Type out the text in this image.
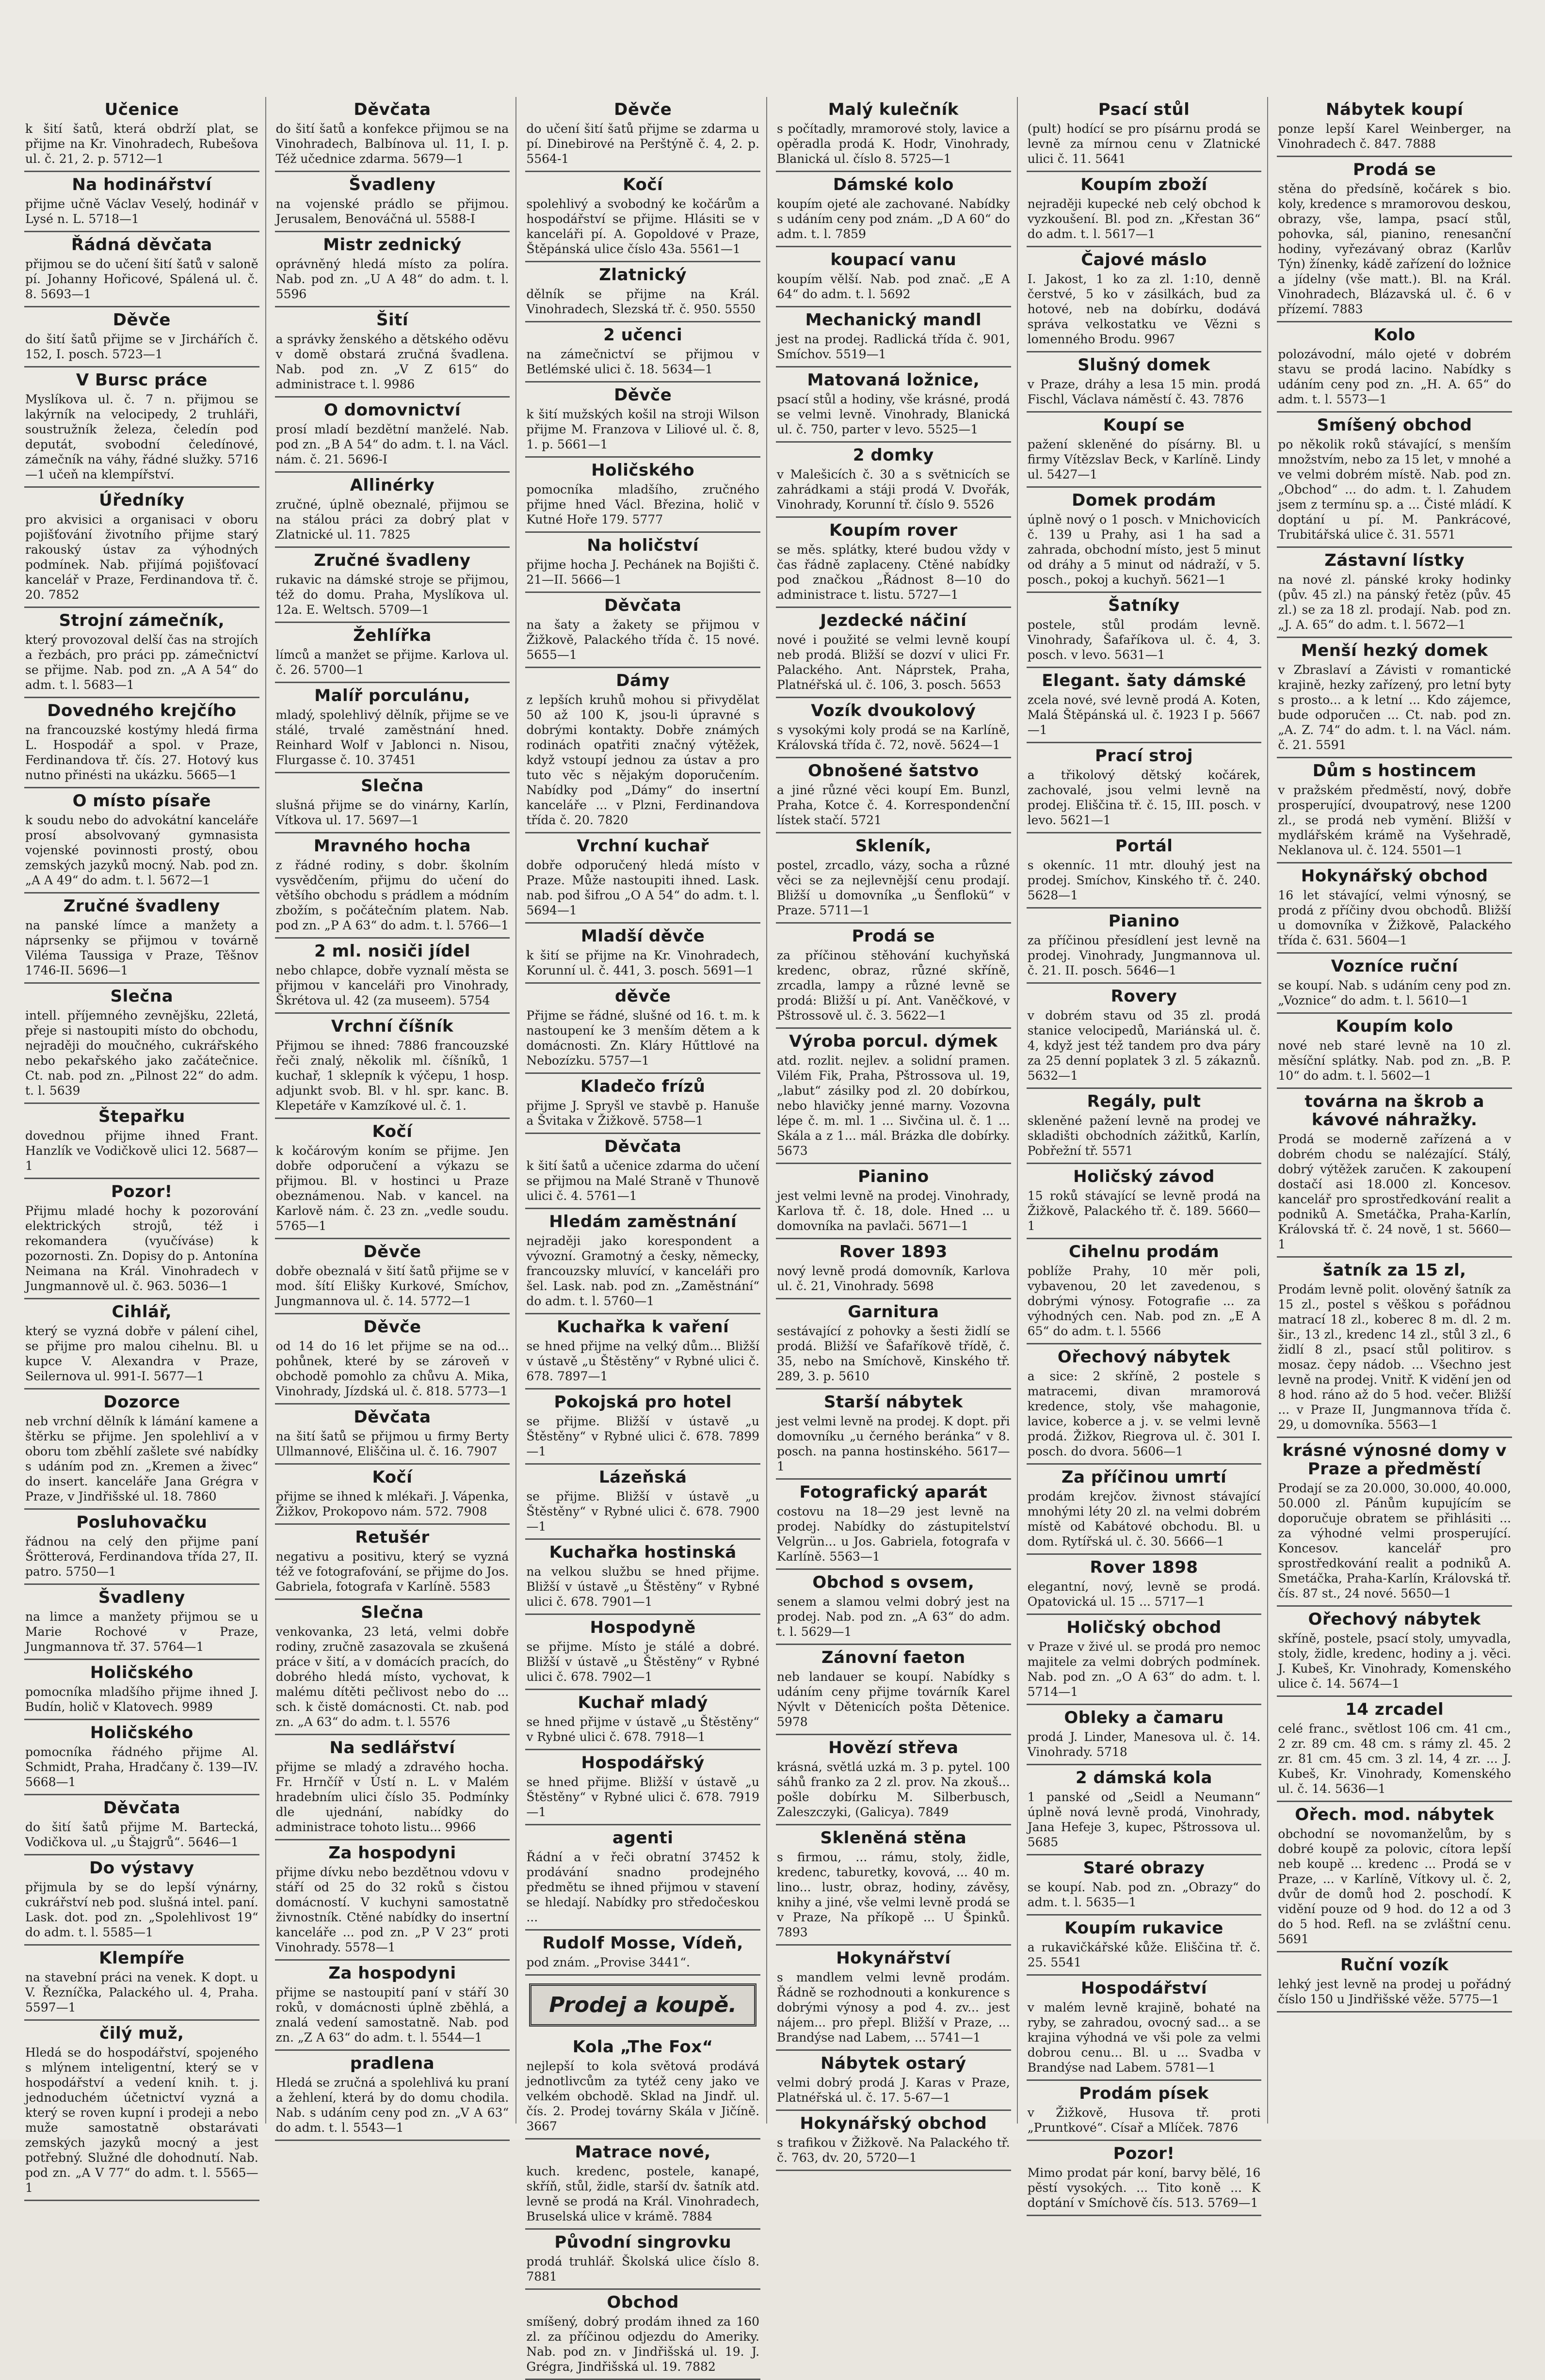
Učenice

k šití šatů, která obdrží plat, se přijme na Kr. Vinohradech, Rubešova ul. č. 21, 2. p. 5712—1

Na hodinářství

přijme učně Václav Veselý, hodinář v Lysé n. L. 5718—1

Řádná děvčata

přijmou se do učení šití šatů v saloně pí. Johanny Hořicové, Spálená ul. č. 8. 5693—1

Děvče

do šití šatů přijme se v Jirchářích č. 152, I. posch. 5723—1

V Bursc práce

Myslíkova ul. č. 7 n. přijmou se lakýrník na velocipedy, 2 truhláři, soustružník železa, čeledín pod deputát, svobodní čeledínové, zámečník na váhy, řádné služky. 5716—1 učeň na klempířství.

Úředníky

pro akvisici a organisaci v oboru pojišťování životního přijme starý rakouský ústav za výhodných podmínek. Nab. přijímá pojišťovací kancelář v Praze, Ferdinandova tř. č. 20. 7852

Strojní zámečník,

který provozoval delší čas na strojích a řezbách, pro práci pp. zámečnictví se přijme. Nab. pod zn. „A A 54“ do adm. t. l. 5683—1

Dovedného krejčího

na francouzské kostýmy hledá firma L. Hospodář a spol. v Praze, Ferdinandova tř. čís. 27. Hotový kus nutno přinésti na ukázku. 5665—1

O místo písaře

k soudu nebo do advokátní kanceláře prosí absolvovaný gymnasista vojenské povinnosti prostý, obou zemských jazyků mocný. Nab. pod zn. „A A 49“ do adm. t. l. 5672—1

Zručné švadleny

na panské límce a manžety a náprsenky se přijmou v továrně Viléma Taussiga v Praze, Těšnov 1746-II. 5696—1

Slečna

intell. příjemného zevnějšku, 22letá, přeje si nastoupiti místo do obchodu, nejraději do moučného, cukrářského nebo pekařského jako začátečnice. Ct. nab. pod zn. „Pilnost 22“ do adm. t. l. 5639

Štepařku

dovednou přijme ihned Frant. Hanzlík ve Vodičkově ulici 12. 5687—1

Pozor!

Přijmu mladé hochy k pozorování elektrických strojů, též i rekomandera (vyučíváse) k pozornosti. Zn. Dopisy do p. Antonína Neimana na Král. Vinohradech v Jungmannově ul. č. 963. 5036—1

Cihlář,

který se vyzná dobře v pálení cihel, se přijme pro malou cihelnu. Bl. u kupce V. Alexandra v Praze, Seilernova ul. 991-I. 5677—1

Dozorce

neb vrchní dělník k lámání kamene a štěrku se přijme. Jen spolehliví a v oboru tom zběhlí zašlete své nabídky s udáním pod zn. „Kremen a živec“ do insert. kanceláře Jana Grégra v Praze, v Jindřišské ul. 18. 7860

Posluhovačku

řádnou na celý den přijme paní Šrötterová, Ferdinandova třída 27, II. patro. 5750—1

Švadleny

na limce a manžety přijmou se u Marie Rochové v Praze, Jungmannova tř. 37. 5764—1

Holičského

pomocníka mladšího přijme ihned J. Budín, holič v Klatovech. 9989

Holičského

pomocníka řádného přijme Al. Schmidt, Praha, Hradčany č. 139—IV. 5668—1

Děvčata

do šití šatů přijme M. Bartecká, Vodičkova ul. „u Štajgrů“. 5646—1

Do výstavy

přijmula by se do lepší výnárny, cukrářství neb pod. slušná intel. paní. Lask. dot. pod zn. „Spolehlivost 19“ do adm. t. l. 5585—1

Klempíře

na stavební práci na venek. K dopt. u V. Řezníčka, Palackého ul. 4, Praha. 5597—1

čilý muž,

Hledá se do hospodářství, spojeného s mlýnem inteligentní, který se v hospodářství a vedení knih. t. j. jednoduchém účetnictví vyzná a který se roven kupní i prodeji a nebo muže samostatně obstarávati zemských jazyků mocný a jest potřebný. Služné dle dohodnutí. Nab. pod zn. „A V 77“ do adm. t. l. 5565—1

Děvčata

do šití šatů a konfekce přijmou se na Vinohradech, Balbínova ul. 11, I. p. Též učednice zdarma. 5679—1

Švadleny

na vojenské prádlo se přijmou. Jerusalem, Benováčná ul. 5588-I

Mistr zednický

oprávněný hledá místo za políra. Nab. pod zn. „U A 48“ do adm. t. l. 5596

Šití

a správky ženského a dětského oděvu v domě obstará zručná švadlena. Nab. pod zn. „V Z 615“ do administrace t. l. 9986

O domovnictví

prosí mladí bezdětní manželé. Nab. pod zn. „B A 54“ do adm. t. l. na Václ. nám. č. 21. 5696-I

Allinérky

zručné, úplně obeznalé, přijmou se na stálou práci za dobrý plat v Zlatnické ul. 11. 7825

Zručné švadleny

rukavic na dámské stroje se přijmou, též do domu. Praha, Myslíkova ul. 12a. E. Weltsch. 5709—1

Žehlířka

límců a manžet se přijme. Karlova ul. č. 26. 5700—1

Malíř porculánu,

mladý, spolehlivý dělník, přijme se ve stálé, trvalé zaměstnání hned. Reinhard Wolf v Jablonci n. Nisou, Flurgasse č. 10. 37451

Slečna

slušná přijme se do vinárny, Karlín, Vítkova ul. 17. 5697—1

Mravného hocha

z řádné rodiny, s dobr. školním vysvědčením, přijmu do učení do většího obchodu s prádlem a módním zbožím, s počátečním platem. Nab. pod zn. „P A 63“ do adm. t. l. 5766—1

2 ml. nosiči jídel

nebo chlapce, dobře vyznalí města se přijmou v kanceláři pro Vinohrady, Škrétova ul. 42 (za museem). 5754

Vrchní číšník

Přijmou se ihned: 7886 francouzské řeči znalý, několik ml. číšníků, 1 kuchař, 1 sklepník k výčepu, 1 hosp. adjunkt svob. Bl. v hl. spr. kanc. B. Klepetáře v Kamzíkové ul. č. 1.

Kočí

k kočárovým koním se přijme. Jen dobře odporučení a výkazu se přijmou. Bl. v hostinci u Praze obeznámenou. Nab. v kancel. na Karlově nám. č. 23 zn. „vedle soudu. 5765—1

Děvče

dobře obeznalá v šití šatů přijme se v mod. šítí Elišky Kurkové, Smíchov, Jungmannova ul. č. 14. 5772—1

Děvče

od 14 do 16 let přijme se na od... pohůnek, které by se zároveň v obchodě pomohlo za chůvu A. Mika, Vinohrady, Jízdská ul. č. 818. 5773—1

Děvčata

na šití šatů se přijmou u firmy Berty Ullmannové, Eliščina ul. č. 16. 7907

Kočí

přijme se ihned k mlékaři. J. Vápenka, Žižkov, Prokopovo nám. 572. 7908

Retušér

negativu a positivu, který se vyzná též ve fotografování, se přijme do Jos. Gabriela, fotografa v Karlíně. 5583

Slečna

venkovanka, 23 letá, velmi dobře rodiny, zručně zasazovala se zkušená práce v šití, a v domácích pracích, do dobrého hledá místo, vychovat, k malému dítěti pečlivost nebo do ... sch. k čistě domácnosti. Ct. nab. pod zn. „A 63“ do adm. t. l. 5576

Na sedlářství

přijme se mladý a zdravého hocha. Fr. Hrnčíř v Ústí n. L. v Malém hradebním ulici číslo 35. Podmínky dle ujednání, nabídky do administrace tohoto listu... 9966

Za hospodyni

přijme dívku nebo bezdětnou vdovu v stáří od 25 do 32 roků s čistou domácností. V kuchyni samostatně živnostník. Ctěné nabídky do insertní kanceláře ... pod zn. „P V 23“ proti Vinohrady. 5578—1

Za hospodyni

přijme se nastoupití paní v stáří 30 roků, v domácnosti úplně zběhlá, a znalá vedení samostatně. Nab. pod zn. „Z A 63“ do adm. t. l. 5544—1

pradlena

Hledá se zručná a spolehlivá ku praní a žehlení, která by do domu chodila. Nab. s udáním ceny pod zn. „V A 63“ do adm. t. l. 5543—1

Děvče

do učení šití šatů přijme se zdarma u pí. Dinebirové na Perštýně č. 4, 2. p. 5564-1

Kočí

spolehlivý a svobodný ke kočárům a hospodářství se přijme. Hlásiti se v kanceláři pí. A. Gopoldové v Praze, Štěpánská ulice číslo 43a. 5561—1

Zlatnický

dělník se přijme na Král. Vinohradech, Slezská tř. č. 950. 5550

2 učenci

na zámečnictví se přijmou v Betlémské ulici č. 18. 5634—1

Děvče

k šití mužských košil na stroji Wilson přijme M. Franzova v Liliové ul. č. 8, 1. p. 5661—1

Holičského

pomocníka mladšího, zručného přijme hned Václ. Březina, holič v Kutné Hoře 179. 5777

Na holičství

přijme hocha J. Pechánek na Bojišti č. 21—II. 5666—1

Děvčata

na šaty a žakety se přijmou v Žižkově, Palackého třída č. 15 nové. 5655—1

Dámy

z lepších kruhů mohou si přivydělat 50 až 100 K, jsou-li úpravné s dobrými kontakty. Dobře známých rodinách opatřiti značný výtěžek, když vstoupí jednou za ústav a pro tuto věc s nějakým doporučením. Nabídky pod „Dámy“ do insertní kanceláře ... v Plzni, Ferdinandova třída č. 20. 7820

Vrchní kuchař

dobře odporučený hledá místo v Praze. Může nastoupiti ihned. Lask. nab. pod šifrou „O A 54“ do adm. t. l. 5694—1

Mladší děvče

k šití se přijme na Kr. Vinohradech, Korunní ul. č. 441, 3. posch. 5691—1

děvče

Přijme se řádné, slušné od 16. t. m. k nastoupení ke 3 menším dětem a k domácnosti. Zn. Kláry Hűttlové na Nebozízku. 5757—1

Kladečo frízů

přijme J. Spryšl ve stavbě p. Hanuše a Švitaka v Žižkově. 5758—1

Děvčata

k šití šatů a učenice zdarma do učení se přijmou na Malé Straně v Thunově ulici č. 4. 5761—1

Hledám zaměstnání

nejraději jako korespondent a vývozní. Gramotný a česky, německy, francouzsky mluvící, v kanceláři pro šel. Lask. nab. pod zn. „Zaměstnání“ do adm. t. l. 5760—1

Kuchařka k vaření

se hned přijme na velký dům... Bližší v ústavě „u Štěstěny“ v Rybné ulici č. 678. 7897—1

Pokojská pro hotel

se přijme. Bližší v ústavě „u Štěstěny“ v Rybné ulici č. 678. 7899—1

Lázeňská

se přijme. Bližší v ústavě „u Štěstěny“ v Rybné ulici č. 678. 7900—1

Kuchařka hostinská

na velkou službu se hned přijme. Bližší v ústavě „u Štěstěny“ v Rybné ulici č. 678. 7901—1

Hospodyně

se přijme. Místo je stálé a dobré. Bližší v ústavě „u Štěstěny“ v Rybné ulici č. 678. 7902—1

Kuchař mladý

se hned přijme v ústavě „u Štěstěny“ v Rybné ulici č. 678. 7918—1

Hospodářský

se hned přijme. Bližší v ústavě „u Štěstěny“ v Rybné ulici č. 678. 7919—1

agenti

Řádní a v řeči obratní 37452 k prodávání snadno prodejného předmětu se ihned přijmou v stavení se hledají. Nabídky pro středočeskou ...

Rudolf Mosse, Vídeň,

pod znám. „Provise 3441“.

Prodej a koupě.
Kola „The Fox“

nejlepší to kola světová prodává jednotlivcům za tytéž ceny jako ve velkém obchodě. Sklad na Jindř. ul. čís. 2. Prodej továrny Skála v Jičíně. 3667

Matrace nové,

kuch. kredenc, postele, kanapé, skříň, stůl, židle, starší dv. šatník atd. levně se prodá na Král. Vinohradech, Bruselská ulice v krámě. 7884

Původní singrovku

prodá truhlář. Školská ulice číslo 8. 7881

Obchod

smíšený, dobrý prodám ihned za 160 zl. za příčinou odjezdu do Ameriky. Nab. pod zn. v Jindřišská ul. 19. J. Grégra, Jindřišská ul. 19. 7882

Malý kulečník

s počítadly, mramorové stoly, lavice a opěradla prodá K. Hodr, Vinohrady, Blanická ul. číslo 8. 5725—1

Dámské kolo

koupím ojeté ale zachované. Nabídky s udáním ceny pod znám. „D A 60“ do adm. t. l. 7859

koupací vanu

koupím vělší. Nab. pod znač. „E A 64“ do adm. t. l. 5692

Mechanický mandl

jest na prodej. Radlická třída č. 901, Smíchov. 5519—1

Matovaná ložnice,

psací stůl a hodiny, vše krásné, prodá se velmi levně. Vinohrady, Blanická ul. č. 750, parter v levo. 5525—1

2 domky

v Malešicích č. 30 a s světnicích se zahrádkami a stáji prodá V. Dvořák, Vinohrady, Korunní tř. číslo 9. 5526

Koupím rover

se měs. splátky, které budou vždy v čas řádně zaplaceny. Ctěné nabídky pod značkou „Řádnost 8—10 do administrace t. listu. 5727—1

Jezdecké náčiní

nové i použité se velmi levně koupí neb prodá. Bližší se dozví v ulici Fr. Palackého. Ant. Náprstek, Praha, Platnéřská ul. č. 106, 3. posch. 5653

Vozík dvoukolový

s vysokými koly prodá se na Karlíně, Královská třída č. 72, nově. 5624—1

Obnošené šatstvo

a jiné různé věci koupí Em. Bunzl, Praha, Kotce č. 4. Korrespondenční lístek stačí. 5721

Skleník,

postel, zrcadlo, vázy, socha a různé věci se za nejlevnější cenu prodají. Bližší u domovníka „u Šenflokü“ v Praze. 5711—1

Prodá se

za příčinou stěhování kuchyňská kredenc, obraz, různé skříně, zrcadla, lampy a různé levně se prodá: Bližší u pí. Ant. Vaněčkové, v Pštrossově ul. č. 3. 5622—1

Výroba porcul. dýmek

atd. rozlit. nejlev. a solidní pramen. Vilém Fik, Praha, Pštrossova ul. 19, „labut“ zásilky pod zl. 20 dobírkou, nebo hlavičky jenné marny. Vozovna lépe č. m. ml. 1 ... Sivčina ul. č. 1 ... Skála a z 1... mál. Brázka dle dobírky. 5673

Pianino

jest velmi levně na prodej. Vinohrady, Karlova tř. č. 18, dole. Hned ... u domovníka na pavlači. 5671—1

Rover 1893

nový levně prodá domovník, Karlova ul. č. 21, Vinohrady. 5698

Garnitura

sestávající z pohovky a šesti židlí se prodá. Bližší ve Šafaříkově třídě, č. 35, nebo na Smíchově, Kinského tř. 289, 3. p. 5610

Starší nábytek

jest velmi levně na prodej. K dopt. při domovníku „u černého beránka“ v 8. posch. na panna hostinského. 5617—1

Fotografický aparát

costovu na 18—29 jest levně na prodej. Nabídky do zástupitelství Velgrün... u Jos. Gabriela, fotografa v Karlíně. 5563—1

Obchod s ovsem,

senem a slamou velmi dobrý jest na prodej. Nab. pod zn. „A 63“ do adm. t. l. 5629—1

Zánovní faeton

neb landauer se koupí. Nabídky s udáním ceny přijme továrník Karel Nývlt v Dětenicích pošta Dětenice. 5978

Hovězí střeva

krásná, světlá uzká m. 3 p. pytel. 100 sáhů franko za 2 zl. prov. Na zkouš... pošle dobírku M. Silberbusch, Zaleszczyki, (Galicya). 7849

Skleněná stěna

s firmou, ... rámu, stoly, židle, kredenc, taburetky, kovová, ... 40 m. lino... lustr, obraz, hodiny, závěsy, knihy a jiné, vše velmi levně prodá se v Praze, Na příkopě ... U Špinků. 7893

Hokynářství

s mandlem velmi levně prodám. Řádně se rozhodnouti a konkurence s dobrými výnosy a pod 4. zv... jest nájem... pro přepl. Bližší v Praze, ... Brandýse nad Labem, ... 5741—1

Nábytek ostarý

velmi dobrý prodá J. Karas v Praze, Platnéřská ul. č. 17. 5-67—1

Hokynářský obchod

s trafikou v Žižkově. Na Palackého tř. č. 763, dv. 20, 5720—1

Psací stůl

(pult) hodící se pro písárnu prodá se levně za mírnou cenu v Zlatnické ulici č. 11. 5641

Koupím zboží

nejraději kupecké neb celý obchod k vyzkoušení. Bl. pod zn. „Křestan 36“ do adm. t. l. 5617—1

Čajové máslo

I. Jakost, 1 ko za zl. 1:10, denně čerstvé, 5 ko v zásilkách, bud za hotové, neb na dobírku, dodává správa velkostatku ve Vězni s lomenného Brodu. 9967

Slušný domek

v Praze, dráhy a lesa 15 min. prodá Fischl, Václava náměstí č. 43. 7876

Koupí se

pažení skleněné do písárny. Bl. u firmy Vítězslav Beck, v Karlíně. Lindy ul. 5427—1

Domek prodám

úplně nový o 1 posch. v Mnichovicích č. 139 u Prahy, asi 1 ha sad a zahrada, obchodní místo, jest 5 minut od dráhy a 5 minut od nádraží, v 5. posch., pokoj a kuchyň. 5621—1

Šatníky

postele, stůl prodám levně. Vinohrady, Šafaříkova ul. č. 4, 3. posch. v levo. 5631—1

Elegant. šaty dámské

zcela nové, své levně prodá A. Koten, Malá Štěpánská ul. č. 1923 I p. 5667—1

Prací stroj

a třikolový dětský kočárek, zachovalé, jsou velmi levně na prodej. Eliščina tř. č. 15, III. posch. v levo. 5621—1

Portál

s okenníc. 11 mtr. dlouhý jest na prodej. Smíchov, Kinského tř. č. 240. 5628—1

Pianino

za příčinou přesídlení jest levně na prodej. Vinohrady, Jungmannova ul. č. 21. II. posch. 5646—1

Rovery

v dobrém stavu od 35 zl. prodá stanice velocipedů, Mariánská ul. č. 4, když jest též tandem pro dva páry za 25 denní poplatek 3 zl. 5 zákaznů. 5632—1

Regály, pult

skleněné pažení levně na prodej ve skladišti obchodních zážitků, Karlín, Pobřežní tř. 5571

Holičský závod

15 roků stávající se levně prodá na Žižkově, Palackého tř. č. 189. 5660—1

Cihelnu prodám

poblíže Prahy, 10 měr poli, vybavenou, 20 let zavedenou, s dobrými výnosy. Fotografie ... za výhodných cen. Nab. pod zn. „E A 65“ do adm. t. l. 5566

Ořechový nábytek

a sice: 2 skříně, 2 postele s matracemi, divan mramorová kredence, stoly, vše mahagonie, lavice, koberce a j. v. se velmi levně prodá. Žižkov, Riegrova ul. č. 301 I. posch. do dvora. 5606—1

Za příčinou umrtí

prodám krejčov. živnost stávající mnohými léty 20 zl. na velmi dobrém místě od Kabátové obchodu. Bl. u dom. Rytířská ul. č. 30. 5666—1

Rover 1898

elegantní, nový, levně se prodá. Opatovická ul. 15 ... 5717—1

Holičský obchod

v Praze v živé ul. se prodá pro nemoc majitele za velmi dobrých podmínek. Nab. pod zn. „O A 63“ do adm. t. l. 5714—1

Obleky a čamaru

prodá J. Linder, Manesova ul. č. 14. Vinohrady. 5718

2 dámská kola

1 panské od „Seidl a Neumann“ úplně nová levně prodá, Vinohrady, Jana Hefeje 3, kupec, Pštrossova ul. 5685

Staré obrazy

se koupí. Nab. pod zn. „Obrazy“ do adm. t. l. 5635—1

Koupím rukavice

a rukavičkářské kůže. Eliščina tř. č. 25. 5541

Hospodářství

v malém levně krajině, bohaté na ryby, se zahradou, ovocný sad... a se krajina výhodná ve vši pole za velmi dobrou cenu... Bl. u ... Svadba v Brandýse nad Labem. 5781—1

Prodám písek

v Žižkově, Husova tř. proti „Pruntkové“. Císař a Mlíček. 7876

Pozor!

Mimo prodat pár koní, barvy bělé, 16 pěstí vysokých. ... Tito koně ... K doptání v Smíchově čís. 513. 5769—1

Nábytek koupí

ponze lepší Karel Weinberger, na Vinohradech č. 847. 7888

Prodá se

stěna do předsíně, kočárek s bio. koly, kredence s mramorovou deskou, obrazy, vše, lampa, psací stůl, pohovka, sál, pianino, renesanční hodiny, vyřezávaný obraz (Karlův Týn) žínenky, kádě zařízení do ložnice a jídelny (vše matt.). Bl. na Král. Vinohradech, Blázavská ul. č. 6 v přízemí. 7883

Kolo

polozávodní, málo ojeté v dobrém stavu se prodá lacino. Nabídky s udáním ceny pod zn. „H. A. 65“ do adm. t. l. 5573—1

Smíšený obchod

po několik roků stávající, s menším množstvím, nebo za 15 let, v mnohé a ve velmi dobrém místě. Nab. pod zn. „Obchod“ ... do adm. t. l. Zahudem jsem z termínu sp. a ... Čisté mládí. K doptání u pí. M. Pankrácové, Trubitářská ulice č. 31. 5571

Zástavní lístky

na nové zl. pánské kroky hodinky (pův. 45 zl.) na pánský řetěz (pův. 45 zl.) se za 18 zl. prodají. Nab. pod zn. „J. A. 65“ do adm. t. l. 5672—1

Menší hezký domek

v Zbraslaví a Závisti v romantické krajině, hezky zařízený, pro letní byty s prosto... a k letní ... Kdo zájemce, bude odporučen ... Ct. nab. pod zn. „A. Z. 74“ do adm. t. l. na Václ. nám. č. 21. 5591

Dům s hostincem

v pražském předměstí, nový, dobře prosperující, dvoupatrový, nese 1200 zl., se prodá neb vymění. Bližší v mydlářském krámě na Vyšehradě, Neklanova ul. č. 124. 5501—1

Hokynářský obchod

16 let stávající, velmi výnosný, se prodá z příčiny dvou obchodů. Bližší u domovníka v Žižkově, Palackého třída č. 631. 5604—1

Vozníce ruční

se koupí. Nab. s udáním ceny pod zn. „Voznice“ do adm. t. l. 5610—1

Koupím kolo

nové neb staré levně na 10 zl. měsíční splátky. Nab. pod zn. „B. P. 10“ do adm. t. l. 5602—1

továrna na škrob a kávové náhražky.

Prodá se moderně zařízená a v dobrém chodu se nalézající. Stálý, dobrý výtěžek zaručen. K zakoupení dostačí asi 18.000 zl. Koncesov. kancelář pro sprostředkování realit a podniků A. Smetáčka, Praha-Karlín, Královská tř. č. 24 nově, 1 st. 5660—1

šatník za 15 zl,

Prodám levně polit. olověný šatník za 15 zl., postel s věškou s pořádnou matrací 18 zl., koberec 8 m. dl. 2 m. šir., 13 zl., kredenc 14 zl., stůl 3 zl., 6 židlí 8 zl., psací stůl politirov. s mosaz. čepy nádob. ... Všechno jest levně na prodej. Vnitř. K vidění jen od 8 hod. ráno až do 5 hod. večer. Bližší ... v Praze II, Jungmannova třída č. 29, u domovníka. 5563—1

krásné výnosné domy v Praze a předměstí

Prodají se za 20.000, 30.000, 40.000, 50.000 zl. Pánům kupujícím se doporučuje obratem se přihlásiti ... za výhodné velmi prosperující. Koncesov. kancelář pro sprostředkování realit a podniků A. Smetáčka, Praha-Karlín, Královská tř. čís. 87 st., 24 nové. 5650—1

Ořechový nábytek

skříně, postele, psací stoly, umyvadla, stoly, židle, kredenc, hodiny a j. věci. J. Kubeš, Kr. Vinohrady, Komenského ulice č. 14. 5674—1

14 zrcadel

celé franc., světlost 106 cm. 41 cm., 2 zr. 89 cm. 48 cm. s rámy zl. 45. 2 zr. 81 cm. 45 cm. 3 zl. 14, 4 zr. ... J. Kubeš, Kr. Vinohrady, Komenského ul. č. 14. 5636—1

Ořech. mod. nábytek

obchodní se novomanželům, by s dobré koupě za polovic, cítora lepší neb koupě ... kredenc ... Prodá se v Praze, ... v Karlíně, Vítkovy ul. č. 2, dvůr de domů hod 2. poschodí. K vidění pouze od 9 hod. do 12 a od 3 do 5 hod. Refl. na se zvláštní cenu. 5691

Ruční vozík

lehký jest levně na prodej u pořádný číslo 150 u Jindřišské věže. 5775—1
